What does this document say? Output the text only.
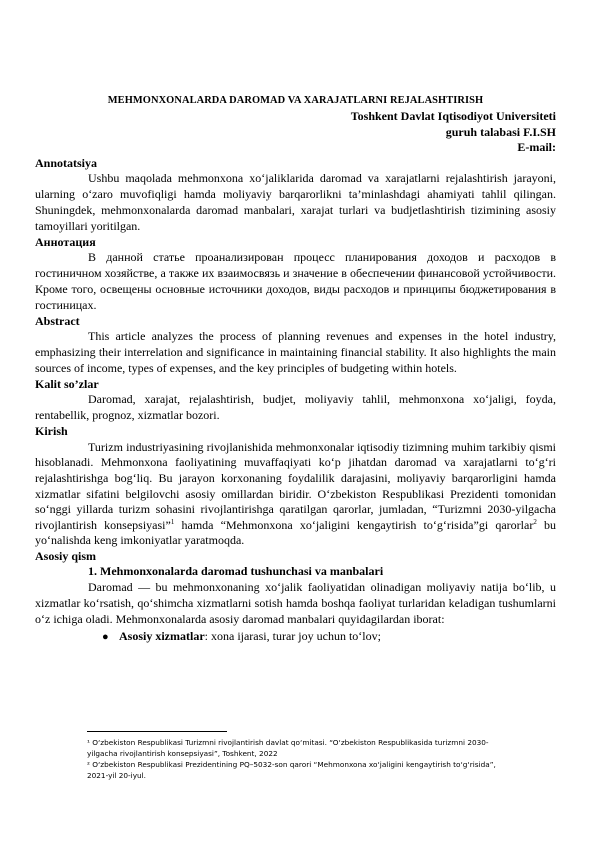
MEHMONXONALARDA DAROMAD VA XARAJATLARNI REJALASHTIRISH
Toshkent Davlat Iqtisodiyot Universiteti
guruh talabasi F.I.SH
E-mail:
Annotatsiya

Ushbu maqolada mehmonxona xo‘jaliklarida daromad va xarajatlarni rejalashtirish jarayoni, ularning o‘zaro muvofiqligi hamda moliyaviy barqarorlikni ta’minlashdagi ahamiyati tahlil qilingan. Shuningdek, mehmonxonalarda daromad manbalari, xarajat turlari va budjetlashtirish tizimining asosiy tamoyillari yoritilgan.

Аннотация

В данной статье проанализирован процесс планирования доходов и расходов в гостиничном хозяйстве, а также их взаимосвязь и значение в обеспечении финансовой устойчивости. Кроме того, освещены основные источники доходов, виды расходов и принципы бюджетирования в гостиницах.

Abstract

This article analyzes the process of planning revenues and expenses in the hotel industry, emphasizing their interrelation and significance in maintaining financial stability. It also highlights the main sources of income, types of expenses, and the key principles of budgeting within hotels.

Kalit so’zlar

Daromad, xarajat, rejalashtirish, budjet, moliyaviy tahlil, mehmonxona xo‘jaligi, foyda, rentabellik, prognoz, xizmatlar bozori.

Kirish

Turizm industriyasining rivojlanishida mehmonxonalar iqtisodiy tizimning muhim tarkibiy qismi hisoblanadi. Mehmonxona faoliyatining muvaffaqiyati ko‘p jihatdan daromad va xarajatlarni to‘g‘ri rejalashtirishga bog‘liq. Bu jarayon korxonaning foydalilik darajasini, moliyaviy barqarorligini hamda xizmatlar sifatini belgilovchi asosiy omillardan biridir. O‘zbekiston Respublikasi Prezidenti tomonidan so‘nggi yillarda turizm sohasini rivojlantirishga qaratilgan qarorlar, jumladan, “Turizmni 2030-yilgacha rivojlantirish konsepsiyasi”$^1$ hamda “Mehmonxona xo‘jaligini kengaytirish to‘g‘risida”gi qarorlar$^2$ bu yo‘nalishda keng imkoniyatlar yaratmoqda.

Asosiy qism
1. Mehmonxonalarda daromad tushunchasi va manbalari

Daromad — bu mehmonxonaning xo‘jalik faoliyatidan olinadigan moliyaviy natija bo‘lib, u xizmatlar ko‘rsatish, qo‘shimcha xizmatlarni sotish hamda boshqa faoliyat turlaridan keladigan tushumlarni o‘z ichiga oladi. Mehmonxonalarda asosiy daromad manbalari quyidagilardan iborat:

● Asosiy xizmatlar: xona ijarasi, turar joy uchun to‘lov;
¹ O‘zbekiston Respublikasi Turizmni rivojlantirish davlat qo‘mitasi. “O‘zbekiston Respublikasida turizmni 2030-
yilgacha rivojlantirish konsepsiyasi”, Toshkent, 2022
² O‘zbekiston Respublikasi Prezidentining PQ–5032-son qarori “Mehmonxona xo‘jaligini kengaytirish to‘g‘risida”,
2021-yil 20-iyul.
